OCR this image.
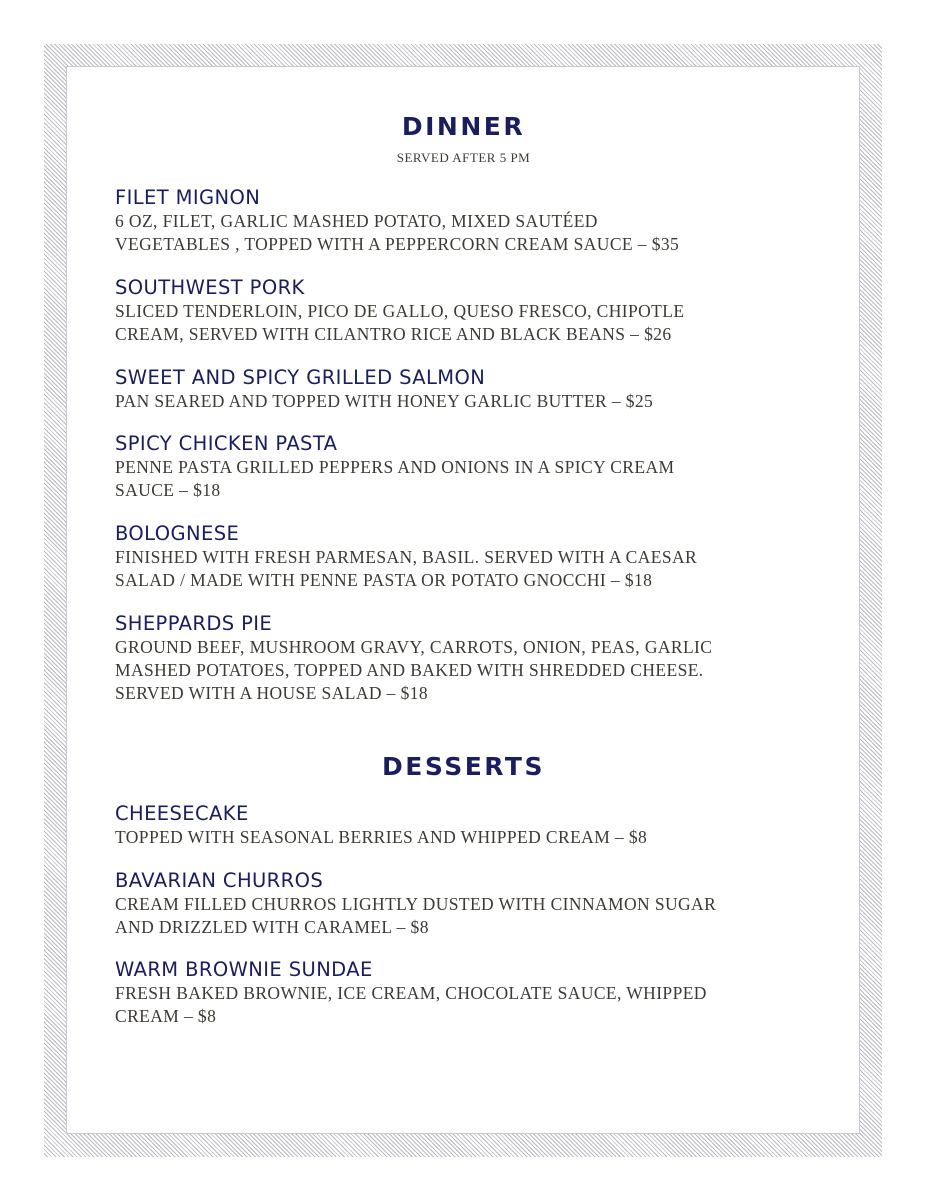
DINNER
SERVED AFTER 5 PM
FILET MIGNON
6 OZ, FILET, GARLIC MASHED POTATO, MIXED SAUTÉED
VEGETABLES , TOPPED WITH A PEPPERCORN CREAM SAUCE – $35
SOUTHWEST PORK
SLICED TENDERLOIN, PICO DE GALLO, QUESO FRESCO, CHIPOTLE
CREAM, SERVED WITH CILANTRO RICE AND BLACK BEANS – $26
SWEET AND SPICY GRILLED SALMON
PAN SEARED AND TOPPED WITH HONEY GARLIC BUTTER – $25
SPICY CHICKEN PASTA
PENNE PASTA GRILLED PEPPERS AND ONIONS IN A SPICY CREAM
SAUCE – $18
BOLOGNESE
FINISHED WITH FRESH PARMESAN, BASIL. SERVED WITH A CAESAR
SALAD / MADE WITH PENNE PASTA OR POTATO GNOCCHI – $18
SHEPPARDS PIE
GROUND BEEF, MUSHROOM GRAVY, CARROTS, ONION, PEAS, GARLIC
MASHED POTATOES, TOPPED AND BAKED WITH SHREDDED CHEESE.
SERVED WITH A HOUSE SALAD – $18
DESSERTS
CHEESECAKE
TOPPED WITH SEASONAL BERRIES AND WHIPPED CREAM – $8
BAVARIAN CHURROS
CREAM FILLED CHURROS LIGHTLY DUSTED WITH CINNAMON SUGAR
AND DRIZZLED WITH CARAMEL – $8
WARM BROWNIE SUNDAE
FRESH BAKED BROWNIE, ICE CREAM, CHOCOLATE SAUCE, WHIPPED
CREAM – $8
